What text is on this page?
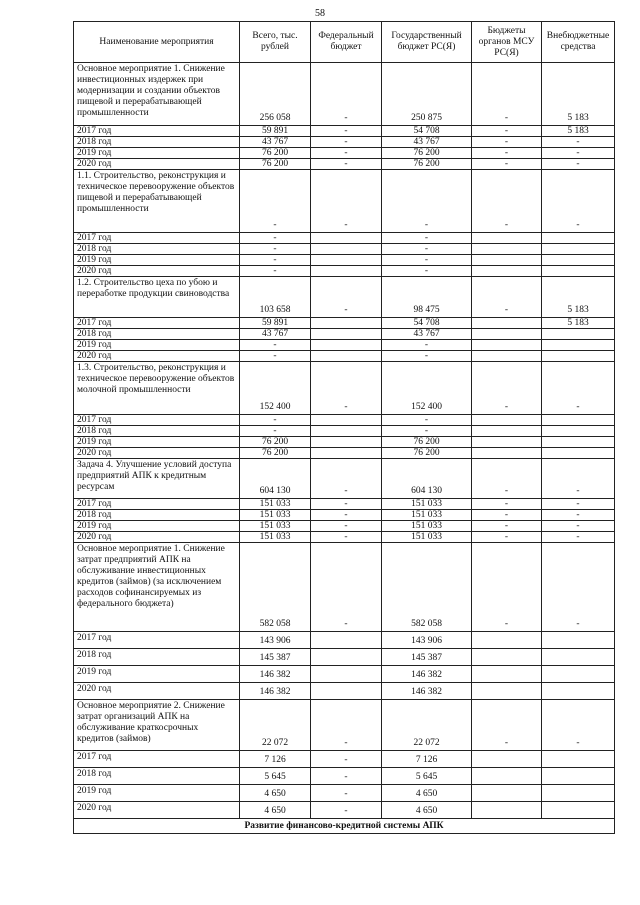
58
Наименование мероприятия	Всего, тыс. рублей	Федеральный бюджет	Государственный бюджет РС(Я)	Бюджеты органов МСУ РС(Я)	Внебюджетные средства
Основное мероприятие 1. Снижение инвестиционных издержек при модернизации и создании объектов пищевой и перерабатывающей промышленности	256 058	-	250 875	-	5 183
2017 год	59 891	-	54 708	-	5 183
2018 год	43 767	-	43 767	-	-
2019 год	76 200	-	76 200	-	-
2020 год	76 200	-	76 200	-	-
1.1. Строительство, реконструкция и техническое перевооружение объектов пищевой и перерабатывающей промышленности	-	-	-	-	-
2017 год	-		-		
2018 год	-		-		
2019 год	-		-		
2020 год	-		-		
1.2. Строительство цеха по убою и переработке продукции свиноводства	103 658	-	98 475	-	5 183
2017 год	59 891		54 708		5 183
2018 год	43 767		43 767		
2019 год	-		-		
2020 год	-		-		
1.3. Строительство, реконструкция и техническое перевооружение объектов молочной промышленности	152 400	-	152 400	-	-
2017 год	-		-		
2018 год	-		-		
2019 год	76 200		76 200		
2020 год	76 200		76 200		
Задача 4. Улучшение условий доступа предприятий АПК к кредитным ресурсам	604 130	-	604 130	-	-
2017 год	151 033	-	151 033	-	-
2018 год	151 033	-	151 033	-	-
2019 год	151 033	-	151 033	-	-
2020 год	151 033	-	151 033	-	-
Основное мероприятие 1. Снижение затрат предприятий АПК на обслуживание инвестиционных кредитов (займов) (за исключением расходов софинансируемых из федерального бюджета)	582 058	-	582 058	-	-
2017 год	143 906		143 906		
2018 год	145 387		145 387		
2019 год	146 382		146 382		
2020 год	146 382		146 382		
Основное мероприятие 2. Снижение затрат организаций АПК на обслуживание краткосрочных кредитов (займов)	22 072	-	22 072	-	-
2017 год	7 126	-	7 126		
2018 год	5 645	-	5 645		
2019 год	4 650	-	4 650		
2020 год	4 650	-	4 650		
Развитие финансово-кредитной системы АПК					
